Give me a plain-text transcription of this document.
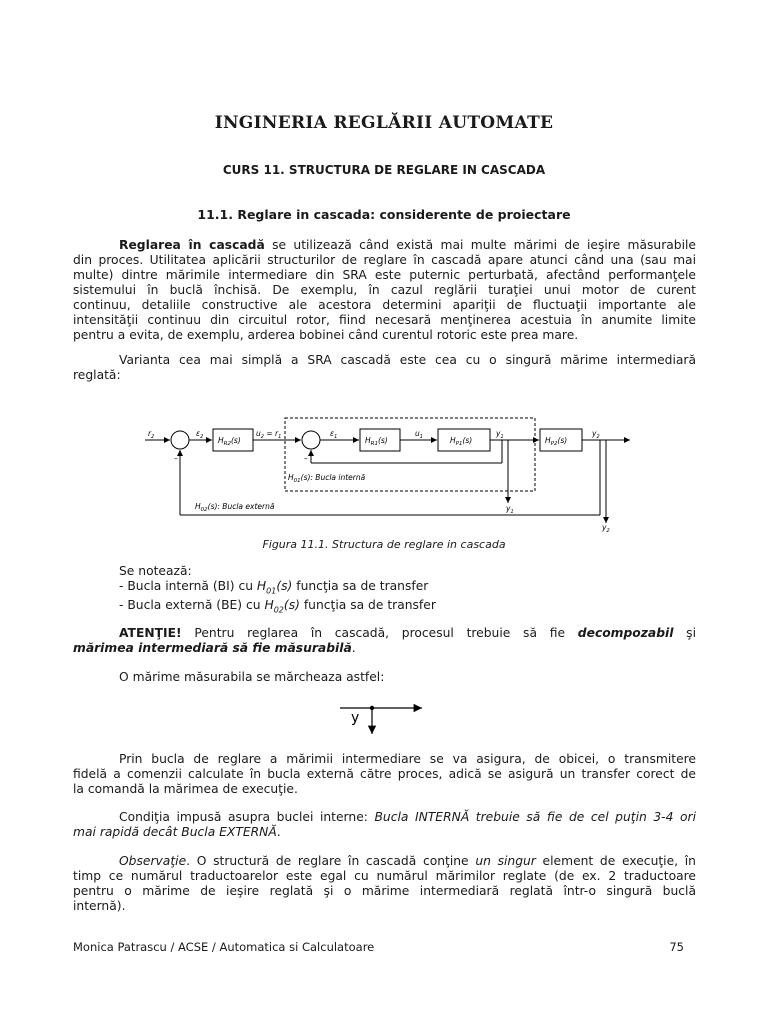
INGINERIA REGLĂRII AUTOMATE
CURS 11. STRUCTURA DE REGLARE IN CASCADA
11.1. Reglare in cascada: considerente de proiectare
Reglarea în cascadă se utilizează când există mai multe mărimi de ieşire măsurabile
din proces. Utilitatea aplicării structurilor de reglare în cascadă apare atunci când una (sau mai
multe) dintre mărimile intermediare din SRA este puternic perturbată, afectând performanţele
sistemului în buclă închisă. De exemplu, în cazul reglării turaţiei unui motor de curent
continuu, detaliile constructive ale acestora determini apariţii de fluctuaţii importante ale
intensităţii continuu din circuitul rotor, fiind necesară menţinerea acestuia în anumite limite
pentru a evita, de exemplu, arderea bobinei când curentul rotoric este prea mare.
Varianta cea mai simplă a SRA cascadă este cea cu o singură mărime intermediară
reglată:
$H_{R2}(s)$	$H_{R1}(s)$	$H_{P1}(s)$	$H_{P2}(s)$
$r_2$	$\varepsilon_2$	$u_2 = r_1$	$\varepsilon_1$	$u_1$	$y_1$	$y_2$
$y_1$
$y_2$
–	–
$H_{01}(s)$: Bucla internă
$H_{02}(s)$: Bucla externă
Figura 11.1. Structura de reglare in cascada
Se notează:
- Bucla internă (BI) cu $H_{01}(s)$ funcţia sa de transfer
- Bucla externă (BE) cu $H_{02}(s)$ funcţia sa de transfer
ATENŢIE! Pentru reglarea în cascadă, procesul trebuie să fie decompozabil şi
mărimea intermediară să fie măsurabilă.
O mărime măsurabila se mărcheaza astfel:
y
Prin bucla de reglare a mărimii intermediare se va asigura, de obicei, o transmitere
fidelă a comenzii calculate în bucla externă către proces, adică se asigură un transfer corect de
la comandă la mărimea de execuţie.
Condiţia impusă asupra buclei interne: Bucla INTERNĂ trebuie să fie de cel puţin 3-4 ori
mai rapidă decât Bucla EXTERNĂ.
Observaţie. O structură de reglare în cascadă conţine un singur element de execuţie, în
timp ce numărul traductoarelor este egal cu numărul mărimilor reglate (de ex. 2 traductoare
pentru o mărime de ieşire reglată şi o mărime intermediară reglată într-o singură buclă
internă).
Monica Patrascu / ACSE / Automatica si Calculatoare	75
